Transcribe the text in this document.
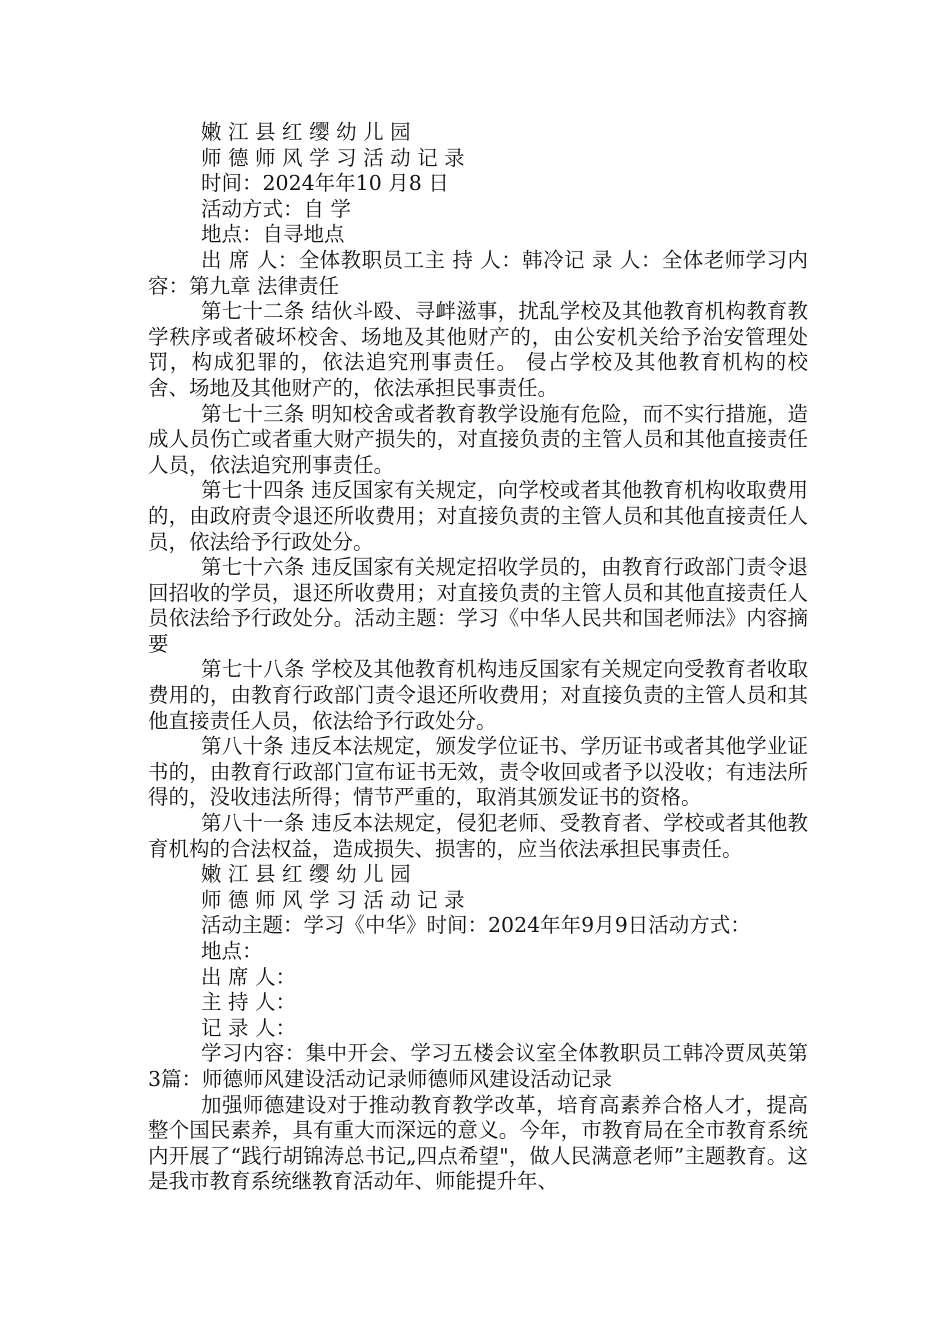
嫩 江 县 红 缨 幼 儿 园
师 德 师 风 学 习 活 动 记 录
时间：2024年年10 月8 日
活动方式：自 学
地点：自寻地点
出 席 人：全体教职员工主 持 人：韩冷记 录 人：全体老师学习内容：第九章 法律责任
第七十二条 结伙斗殴、寻衅滋事，扰乱学校及其他教育机构教育教学秩序或者破坏校舍、场地及其他财产的，由公安机关给予治安管理处罚，构成犯罪的，依法追究刑事责任。 侵占学校及其他教育机构的校舍、场地及其他财产的，依法承担民事责任。
第七十三条 明知校舍或者教育教学设施有危险，而不实行措施，造成人员伤亡或者重大财产损失的，对直接负责的主管人员和其他直接责任人员，依法追究刑事责任。
第七十四条 违反国家有关规定，向学校或者其他教育机构收取费用的，由政府责令退还所收费用；对直接负责的主管人员和其他直接责任人员，依法给予行政处分。
第七十六条 违反国家有关规定招收学员的，由教育行政部门责令退回招收的学员，退还所收费用；对直接负责的主管人员和其他直接责任人员依法给予行政处分。活动主题：学习《中华人民共和国老师法》内容摘要
第七十八条 学校及其他教育机构违反国家有关规定向受教育者收取费用的，由教育行政部门责令退还所收费用；对直接负责的主管人员和其他直接责任人员，依法给予行政处分。
第八十条 违反本法规定，颁发学位证书、学历证书或者其他学业证书的，由教育行政部门宣布证书无效，责令收回或者予以没收；有违法所得的，没收违法所得；情节严重的，取消其颁发证书的资格。
第八十一条 违反本法规定，侵犯老师、受教育者、学校或者其他教育机构的合法权益，造成损失、损害的，应当依法承担民事责任。
嫩 江 县 红 缨 幼 儿 园
师 德 师 风 学 习 活 动 记 录
活动主题：学习《中华》时间：2024年年9月9日活动方式：
地点：
出 席 人：
主 持 人：
记 录 人：
学习内容：集中开会、学习五楼会议室全体教职员工韩冷贾凤英第3篇：师德师风建设活动记录师德师风建设活动记录
加强师德建设对于推动教育教学改革，培育高素养合格人才，提高整个国民素养，具有重大而深远的意义。今年，市教育局在全市教育系统内开展了“践行胡锦涛总书记„四点希望"，做人民满意老师”主题教育。这是我市教育系统继教育活动年、师能提升年、
